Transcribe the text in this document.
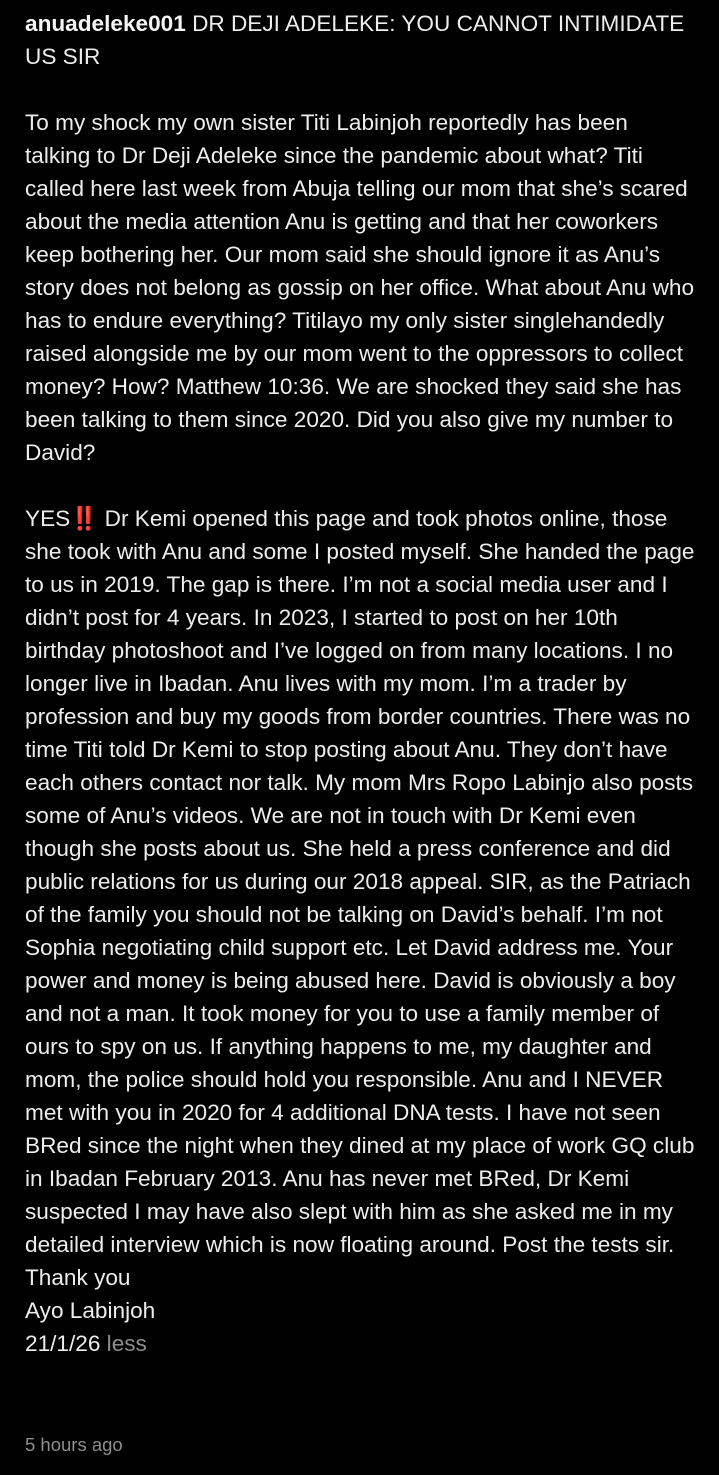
anuadeleke001 DR DEJI ADELEKE: YOU CANNOT INTIMIDATE US SIR
To my shock my own sister Titi Labinjoh reportedly has been talking to Dr Deji Adeleke since the pandemic about what? Titi called here last week from Abuja telling our mom that she’s scared about the media attention Anu is getting and that her coworkers keep bothering her. Our mom said she should ignore it as Anu’s story does not belong as gossip on her office. What about Anu who has to endure everything? Titilayo my only sister singlehandedly raised alongside me by our mom went to the oppressors to collect money? How? Matthew 10:36. We are shocked they said she has been talking to them since 2020. Did you also give my number to David?
YES‼️ Dr Kemi opened this page and took photos online, those she took with Anu and some I posted myself. She handed the page to us in 2019. The gap is there. I’m not a social media user and I didn’t post for 4 years. In 2023, I started to post on her 10th birthday photoshoot and I’ve logged on from many locations. I no longer live in Ibadan. Anu lives with my mom. I’m a trader by profession and buy my goods from border countries. There was no time Titi told Dr Kemi to stop posting about Anu. They don’t have each others contact nor talk. My mom Mrs Ropo Labinjo also posts some of Anu’s videos. We are not in touch with Dr Kemi even though she posts about us. She held a press conference and did public relations for us during our 2018 appeal. SIR, as the Patriach of the family you should not be talking on David’s behalf. I’m not Sophia negotiating child support etc. Let David address me. Your power and money is being abused here. David is obviously a boy and not a man. It took money for you to use a family member of ours to spy on us. If anything happens to me, my daughter and mom, the police should hold you responsible. Anu and I NEVER met with you in 2020 for 4 additional DNA tests. I have not seen BRed since the night when they dined at my place of work GQ club in Ibadan February 2013. Anu has never met BRed, Dr Kemi suspected I may have also slept with him as she asked me in my detailed interview which is now floating around. Post the tests sir.
Thank you
Ayo Labinjoh
21/1/26 less
5 hours ago
